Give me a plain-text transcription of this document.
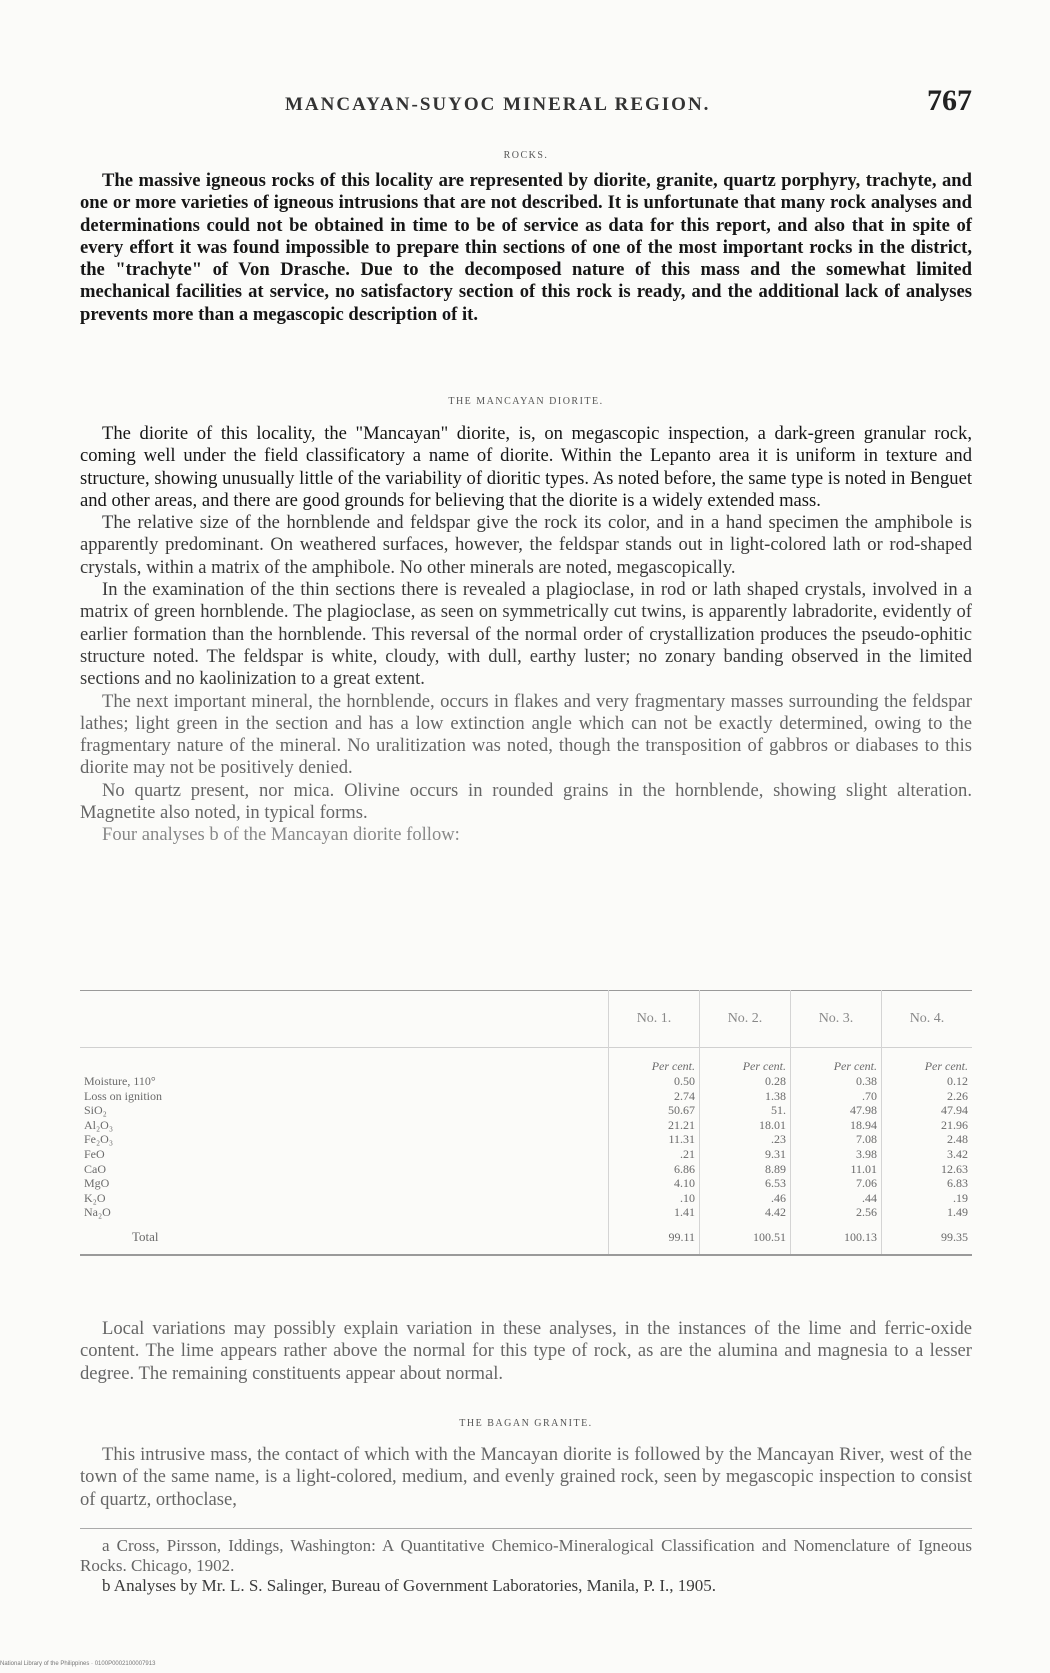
MANCAYAN-SUYOC MINERAL REGION.	767
ROCKS.

The massive igneous rocks of this locality are represented by diorite, granite, quartz porphyry, trachyte, and one or more varieties of igneous intrusions that are not described. It is unfortunate that many rock analyses and determinations could not be obtained in time to be of service as data for this report, and also that in spite of every effort it was found impossible to prepare thin sections of one of the most important rocks in the district, the "trachyte" of Von Drasche. Due to the decomposed nature of this mass and the somewhat limited mechanical facilities at service, no satisfactory section of this rock is ready, and the additional lack of analyses prevents more than a megascopic description of it.

THE MANCAYAN DIORITE.

The diorite of this locality, the "Mancayan" diorite, is, on megascopic inspection, a dark-green granular rock, coming well under the field classificatory a name of diorite. Within the Lepanto area it is uniform in texture and structure, showing unusually little of the variability of dioritic types. As noted before, the same type is noted in Benguet and other areas, and there are good grounds for believing that the diorite is a widely extended mass.

The relative size of the hornblende and feldspar give the rock its color, and in a hand specimen the amphibole is apparently predominant. On weathered surfaces, however, the feldspar stands out in light-colored lath or rod-shaped crystals, within a matrix of the amphibole. No other minerals are noted, megascopically.

In the examination of the thin sections there is revealed a plagioclase, in rod or lath shaped crystals, involved in a matrix of green hornblende. The plagioclase, as seen on symmetrically cut twins, is apparently labradorite, evidently of earlier formation than the hornblende. This reversal of the normal order of crystallization produces the pseudo-ophitic structure noted. The feldspar is white, cloudy, with dull, earthy luster; no zonary banding observed in the limited sections and no kaolinization to a great extent.

The next important mineral, the hornblende, occurs in flakes and very fragmentary masses surrounding the feldspar lathes; light green in the section and has a low extinction angle which can not be exactly determined, owing to the fragmentary nature of the mineral. No uralitization was noted, though the transposition of gabbros or diabases to this diorite may not be positively denied.

No quartz present, nor mica. Olivine occurs in rounded grains in the hornblende, showing slight alteration. Magnetite also noted, in typical forms.

Four analyses b of the Mancayan diorite follow:

	No. 1.	No. 2.	No. 3.	No. 4.
	Per cent.	Per cent.	Per cent.	Per cent.
Moisture, 110°	0.50	0.28	0.38	0.12
Loss on ignition	2.74	1.38	.70	2.26
SiO₂	50.67	51.	47.98	47.94
Al₂O₃	21.21	18.01	18.94	21.96
Fe₂O₃	11.31	.23	7.08	2.48
FeO	.21	9.31	3.98	3.42
CaO	6.86	8.89	11.01	12.63
MgO	4.10	6.53	7.06	6.83
K₂O	.10	.46	.44	.19
Na₂O	1.41	4.42	2.56	1.49
Total	99.11	100.51	100.13	99.35

Local variations may possibly explain variation in these analyses, in the instances of the lime and ferric-oxide content. The lime appears rather above the normal for this type of rock, as are the alumina and magnesia to a lesser degree. The remaining constituents appear about normal.

THE BAGAN GRANITE.

This intrusive mass, the contact of which with the Mancayan diorite is followed by the Mancayan River, west of the town of the same name, is a light-colored, medium, and evenly grained rock, seen by megascopic inspection to consist of quartz, orthoclase,

a Cross, Pirsson, Iddings, Washington: A Quantitative Chemico-Mineralogical Classification and Nomenclature of Igneous Rocks. Chicago, 1902.

b Analyses by Mr. L. S. Salinger, Bureau of Government Laboratories, Manila, P. I., 1905.

National Library of the Philippines · 0100P0002100007913
